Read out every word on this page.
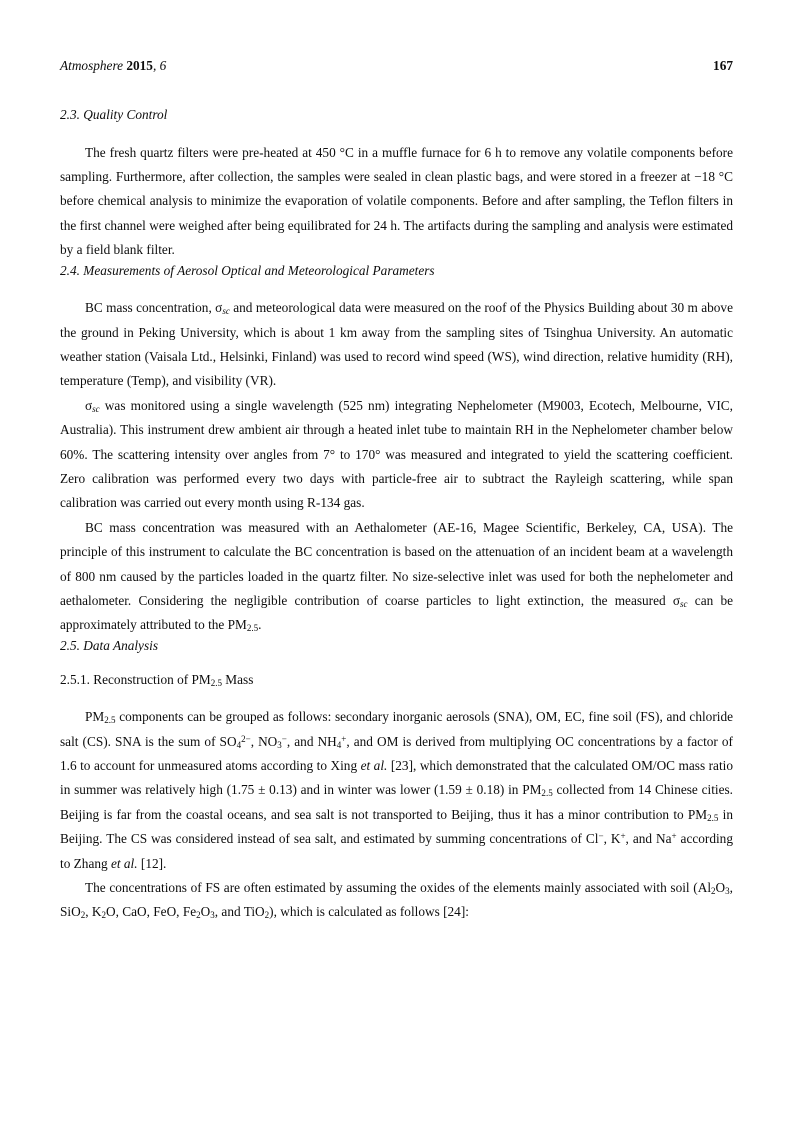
Atmosphere 2015, 6	167
2.3. Quality Control

The fresh quartz filters were pre-heated at 450 °C in a muffle furnace for 6 h to remove any volatile components before sampling. Furthermore, after collection, the samples were sealed in clean plastic bags, and were stored in a freezer at −18 °C before chemical analysis to minimize the evaporation of volatile components. Before and after sampling, the Teflon filters in the first channel were weighed after being equilibrated for 24 h. The artifacts during the sampling and analysis were estimated by a field blank filter.

2.4. Measurements of Aerosol Optical and Meteorological Parameters

BC mass concentration, σsc and meteorological data were measured on the roof of the Physics Building about 30 m above the ground in Peking University, which is about 1 km away from the sampling sites of Tsinghua University. An automatic weather station (Vaisala Ltd., Helsinki, Finland) was used to record wind speed (WS), wind direction, relative humidity (RH), temperature (Temp), and visibility (VR).

σsc was monitored using a single wavelength (525 nm) integrating Nephelometer (M9003, Ecotech, Melbourne, VIC, Australia). This instrument drew ambient air through a heated inlet tube to maintain RH in the Nephelometer chamber below 60%. The scattering intensity over angles from 7° to 170° was measured and integrated to yield the scattering coefficient. Zero calibration was performed every two days with particle-free air to subtract the Rayleigh scattering, while span calibration was carried out every month using R-134 gas.

BC mass concentration was measured with an Aethalometer (AE-16, Magee Scientific, Berkeley, CA, USA). The principle of this instrument to calculate the BC concentration is based on the attenuation of an incident beam at a wavelength of 800 nm caused by the particles loaded in the quartz filter. No size-selective inlet was used for both the nephelometer and aethalometer. Considering the negligible contribution of coarse particles to light extinction, the measured σsc can be approximately attributed to the $PM_{2.5}$.

2.5. Data Analysis
2.5.1. Reconstruction of $PM_{2.5}$ Mass

$PM_{2.5}$ components can be grouped as follows: secondary inorganic aerosols (SNA), OM, EC, fine soil (FS), and chloride salt (CS). SNA is the sum of $SO_4^{2-}$, $NO_3^-$, and $NH_4^+$, and OM is derived from multiplying OC concentrations by a factor of 1.6 to account for unmeasured atoms according to Xing et al. [23], which demonstrated that the calculated OM/OC mass ratio in summer was relatively high (1.75 ± 0.13) and in winter was lower (1.59 ± 0.18) in $PM_{2.5}$ collected from 14 Chinese cities. Beijing is far from the coastal oceans, and sea salt is not transported to Beijing, thus it has a minor contribution to $PM_{2.5}$ in Beijing. The CS was considered instead of sea salt, and estimated by summing concentrations of Cl−, K+, and Na+ according to Zhang et al. [12].

The concentrations of FS are often estimated by assuming the oxides of the elements mainly associated with soil ($Al_2O_3$, SiO$_2$, $K_2O$, CaO, FeO, $Fe_2O_3$, and TiO$_2$), which is calculated as follows [24]:
